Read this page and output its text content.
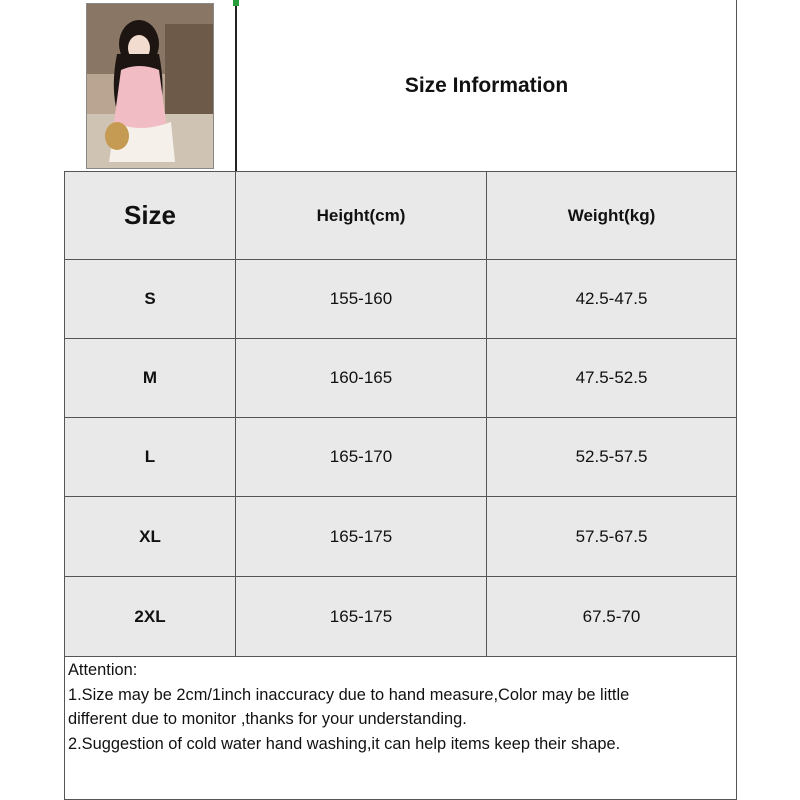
Size Information
Size	Height(cm)	Weight(kg)
S	155-160	42.5-47.5
M	160-165	47.5-52.5
L	165-170	52.5-57.5
XL	165-175	57.5-67.5
2XL	165-175	67.5-70
Attention:
1.Size may be 2cm/1inch inaccuracy due to hand measure,Color may be little
different due to monitor ,thanks for your understanding.
2.Suggestion of cold water hand washing,it can help items keep their shape.
